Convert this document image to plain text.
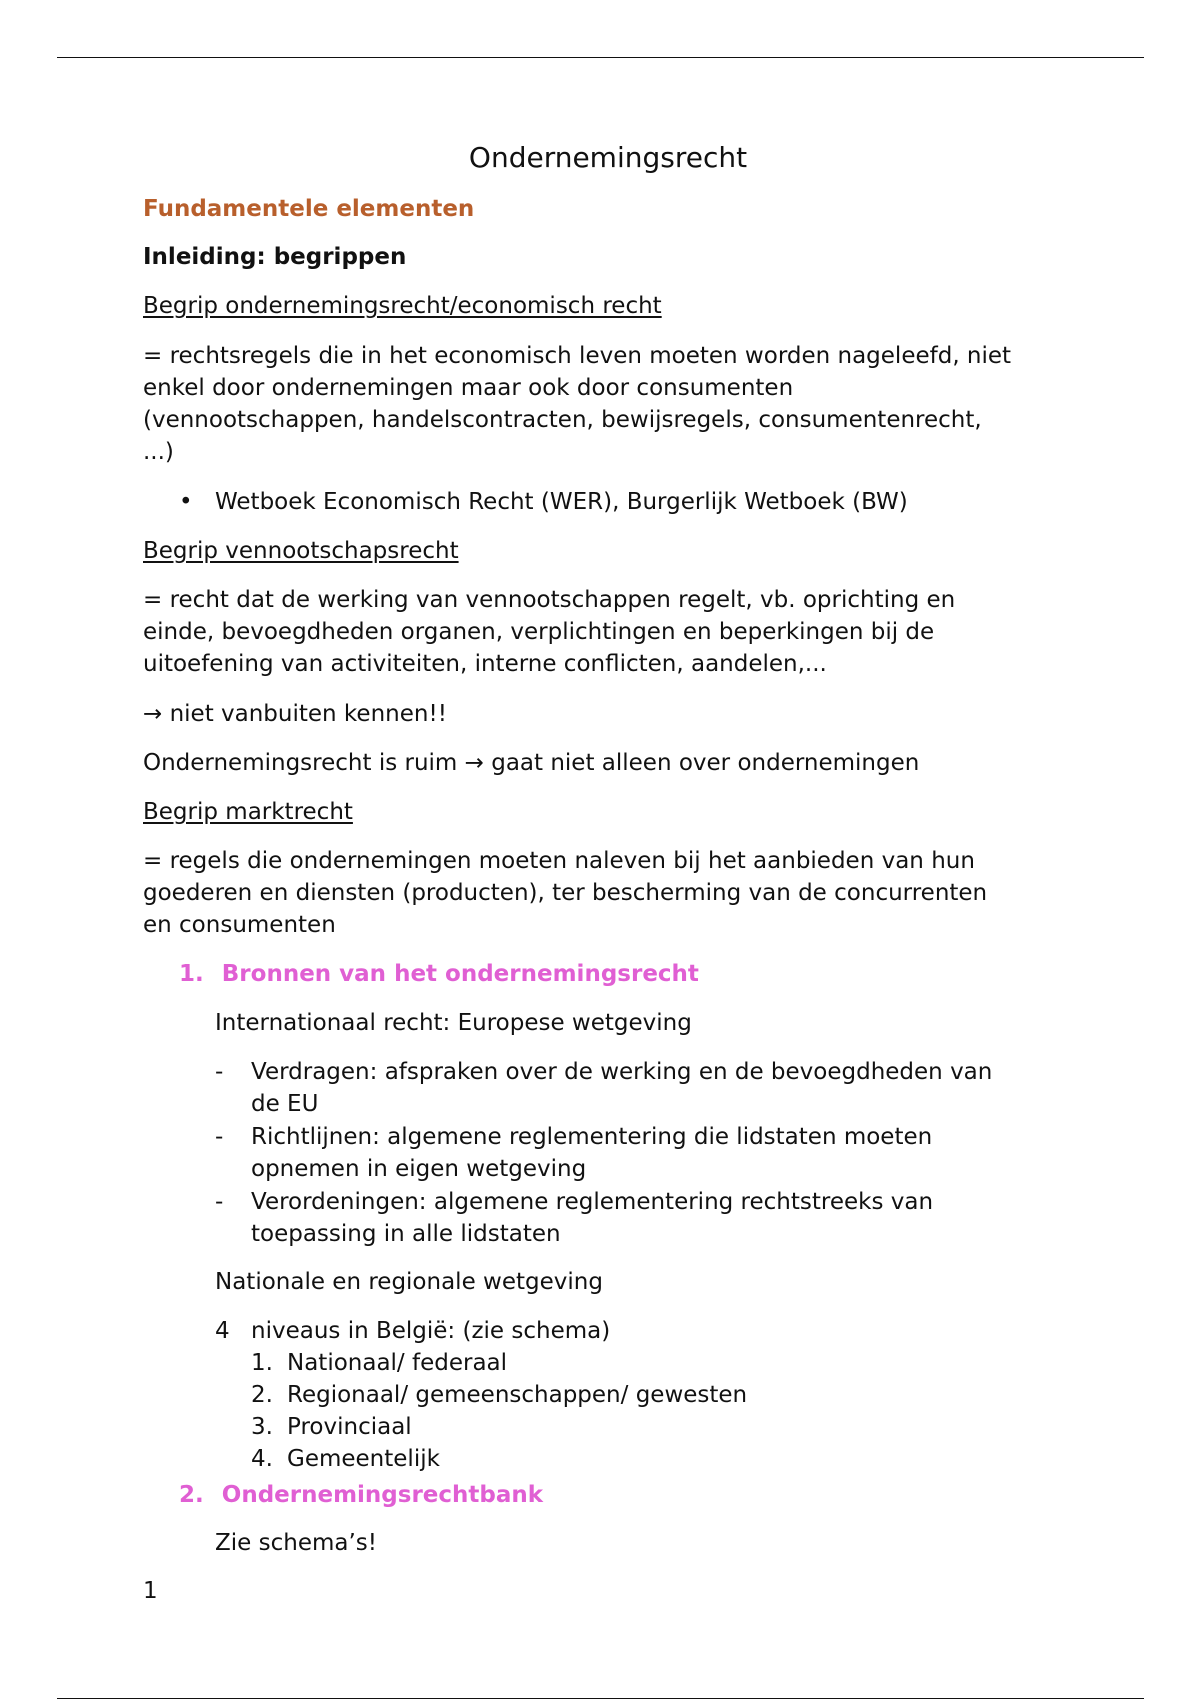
Ondernemingsrecht
Fundamentele elementen
Inleiding: begrippen
Begrip ondernemingsrecht/economisch recht
= rechtsregels die in het economisch leven moeten worden nageleefd, niet
enkel door ondernemingen maar ook door consumenten
(vennootschappen, handelscontracten, bewijsregels, consumentenrecht,
...)
• Wetboek Economisch Recht (WER), Burgerlijk Wetboek (BW)
Begrip vennootschapsrecht
= recht dat de werking van vennootschappen regelt, vb. oprichting en
einde, bevoegdheden organen, verplichtingen en beperkingen bij de
uitoefening van activiteiten, interne conflicten, aandelen,...
→ niet vanbuiten kennen!!
Ondernemingsrecht is ruim → gaat niet alleen over ondernemingen
Begrip marktrecht
= regels die ondernemingen moeten naleven bij het aanbieden van hun
goederen en diensten (producten), ter bescherming van de concurrenten
en consumenten
1. Bronnen van het ondernemingsrecht
Internationaal recht: Europese wetgeving
- Verdragen: afspraken over de werking en de bevoegdheden van
de EU
- Richtlijnen: algemene reglementering die lidstaten moeten
opnemen in eigen wetgeving
- Verordeningen: algemene reglementering rechtstreeks van
toepassing in alle lidstaten
Nationale en regionale wetgeving
4 niveaus in België: (zie schema)
1. Nationaal/ federaal
2. Regionaal/ gemeenschappen/ gewesten
3. Provinciaal
4. Gemeentelijk
2. Ondernemingsrechtbank
Zie schema’s!
1
